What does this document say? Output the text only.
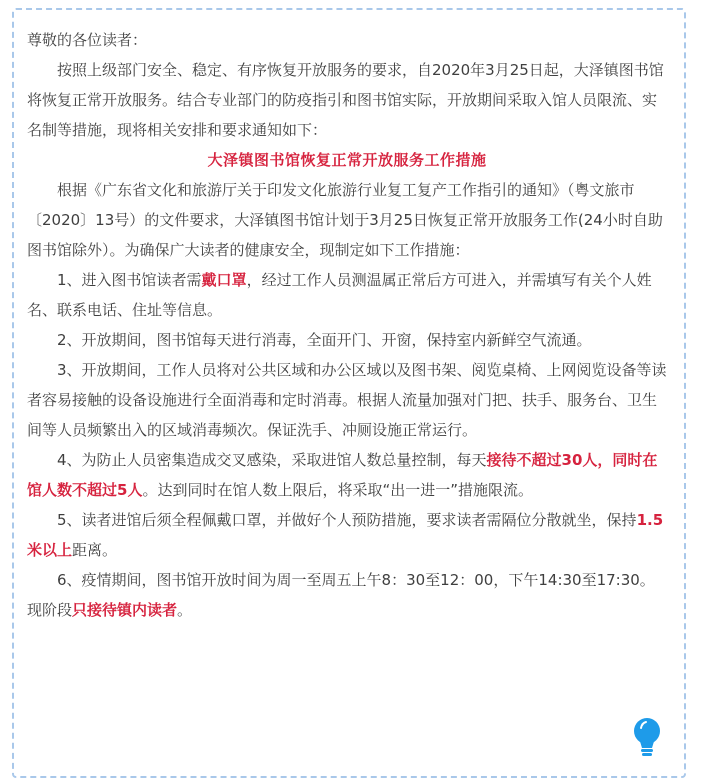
尊敬的各位读者：

按照上级部门安全、稳定、有序恢复开放服务的要求，自2020年3月25日起，大泽镇图书馆将恢复正常开放服务。结合专业部门的防疫指引和图书馆实际，开放期间采取入馆人员限流、实名制等措施，现将相关安排和要求通知如下：

大泽镇图书馆恢复正常开放服务工作措施

根据《广东省文化和旅游厅关于印发文化旅游行业复工复产工作指引的通知》（粤文旅市〔2020〕13号）的文件要求，大泽镇图书馆计划于3月25日恢复正常开放服务工作(24小时自助图书馆除外）。为确保广大读者的健康安全，现制定如下工作措施：

1、进入图书馆读者需戴口罩，经过工作人员测温属正常后方可进入，并需填写有关个人姓名、联系电话、住址等信息。

2、开放期间，图书馆每天进行消毒，全面开门、开窗，保持室内新鲜空气流通。

3、开放期间，工作人员将对公共区域和办公区域以及图书架、阅览桌椅、上网阅览设备等读者容易接触的设备设施进行全面消毒和定时消毒。根据人流量加强对门把、扶手、服务台、卫生间等人员频繁出入的区域消毒频次。保证洗手、冲厕设施正常运行。

4、为防止人员密集造成交叉感染，采取进馆人数总量控制，每天接待不超过30人，同时在馆人数不超过5人。达到同时在馆人数上限后，将采取“出一进一”措施限流。

5、读者进馆后须全程佩戴口罩，并做好个人预防措施，要求读者需隔位分散就坐，保持1.5米以上距离。

6、疫情期间，图书馆开放时间为周一至周五上午8：30至12：00，下午14:30至17:30。现阶段只接待镇内读者。
